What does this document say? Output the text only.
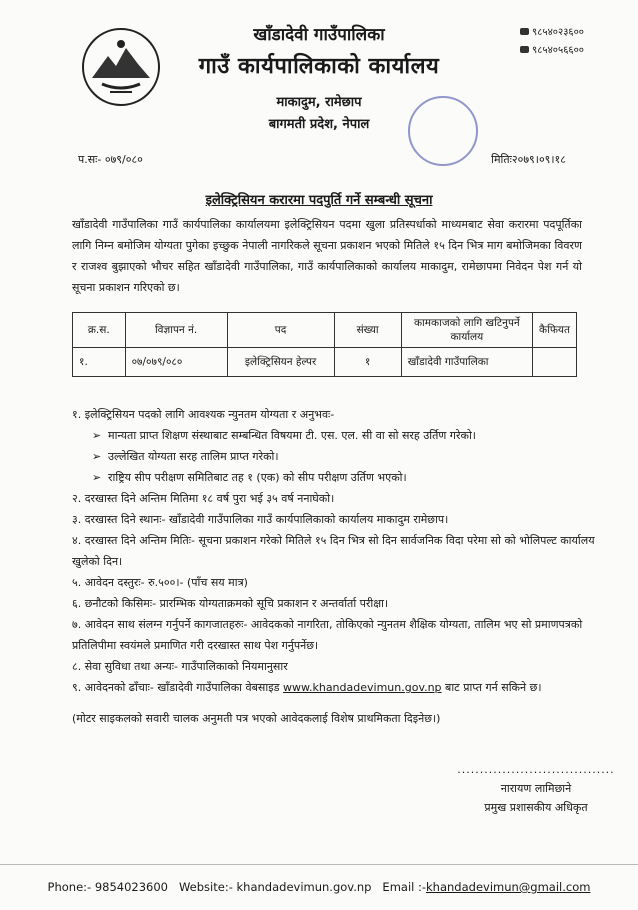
खाँडादेवी गाउँपालिका
गाउँ कार्यपालिकाको कार्यालय
माकादुम, रामेछाप
बागमती प्रदेश, नेपाल
९८५४०२३६००
९८५४०५६६००
प.सः- ०७९/०८०	मितिः२०७९।०९।१८
इलेक्ट्रिसियन करारमा पदपुर्ति गर्ने सम्बन्धी सूचना
खाँडादेवी गाउँपालिका गाउँ कार्यपालिका कार्यालयमा इलेक्ट्रिसियन पदमा खुला प्रतिस्पर्धाको माध्यमबाट सेवा करारमा पदपूर्तिका लागि निम्न बमोजिम योग्यता पुगेका इच्छुक नेपाली नागरिकले सूचना प्रकाशन भएको मितिले १५ दिन भित्र माग बमोजिमका विवरण र राजश्व बुझाएको भौचर सहित खाँडादेवी गाउँपालिका, गाउँ कार्यपालिकाको कार्यालय माकादुम, रामेछापमा निवेदन पेश गर्न यो सूचना प्रकाशन गरिएको छ।
क्र.स.	विज्ञापन नं.	पद	संख्या	कामकाजको लागि खटिनुपर्ने कार्यालय	कैफियत
१.	०७/०७९/०८०	इलेक्ट्रिसियन हेल्पर	१	खाँडादेवी गाउँपालिका	
१. इलेक्ट्रिसियन पदको लागि आवश्यक न्युनतम योग्यता र अनुभवः-
➢ मान्यता प्राप्त शिक्षण संस्थाबाट सम्बन्धित विषयमा टी. एस. एल. सी वा सो सरह उर्तिण गरेको।
➢ उल्लेखित योग्यता सरह तालिम प्राप्त गरेको।
➢ राष्ट्रिय सीप परीक्षण समितिबाट तह १ (एक) को सीप परीक्षण उर्तिण भएको।
२. दरखास्त दिने अन्तिम मितिमा १८ वर्ष पुरा भई ३५ वर्ष ननाघेको।
३. दरखास्त दिने स्थानः- खाँडादेवी गाउँपालिका गाउँ कार्यपालिकाको कार्यालय माकादुम रामेछाप।
४. दरखास्त दिने अन्तिम मितिः- सूचना प्रकाशन गरेको मितिले १५ दिन भित्र सो दिन सार्वजनिक विदा परेमा सो को भोलिपल्ट कार्यालय खुलेको दिन।
५. आवेदन दस्तुरः- रु.५००।- (पाँच सय मात्र)
६. छनौटको किसिमः- प्रारम्भिक योग्यताक्रमको सूचि प्रकाशन र अन्तर्वार्ता परीक्षा।
७. आवेदन साथ संलग्न गर्नुपर्ने कागजातहरुः- आवेदकको नागरिता, तोकिएको न्युनतम शैक्षिक योग्यता, तालिम भए सो प्रमाणपत्रको प्रतिलिपीमा स्वयंमले प्रमाणित गरी दरखास्त साथ पेश गर्नुपर्नेछ।
८. सेवा सुविधा तथा अन्यः- गाउँपालिकाको नियमानुसार
९. आवेदनको ढाँचाः- खाँडादेवी गाउँपालिका वेबसाइड www.khandadevimun.gov.np बाट प्राप्त गर्न सकिने छ।
(मोटर साइकलको सवारी चालक अनुमती पत्र भएको आवेदकलाई विशेष प्राथमिकता दिइनेछ।)
...................................
नारायण लामिछाने
प्रमुख प्रशासकीय अधिकृत
Phone:- 9854023600 Website:- khandadevimun.gov.np Email :-khandadevimun@gmail.com
